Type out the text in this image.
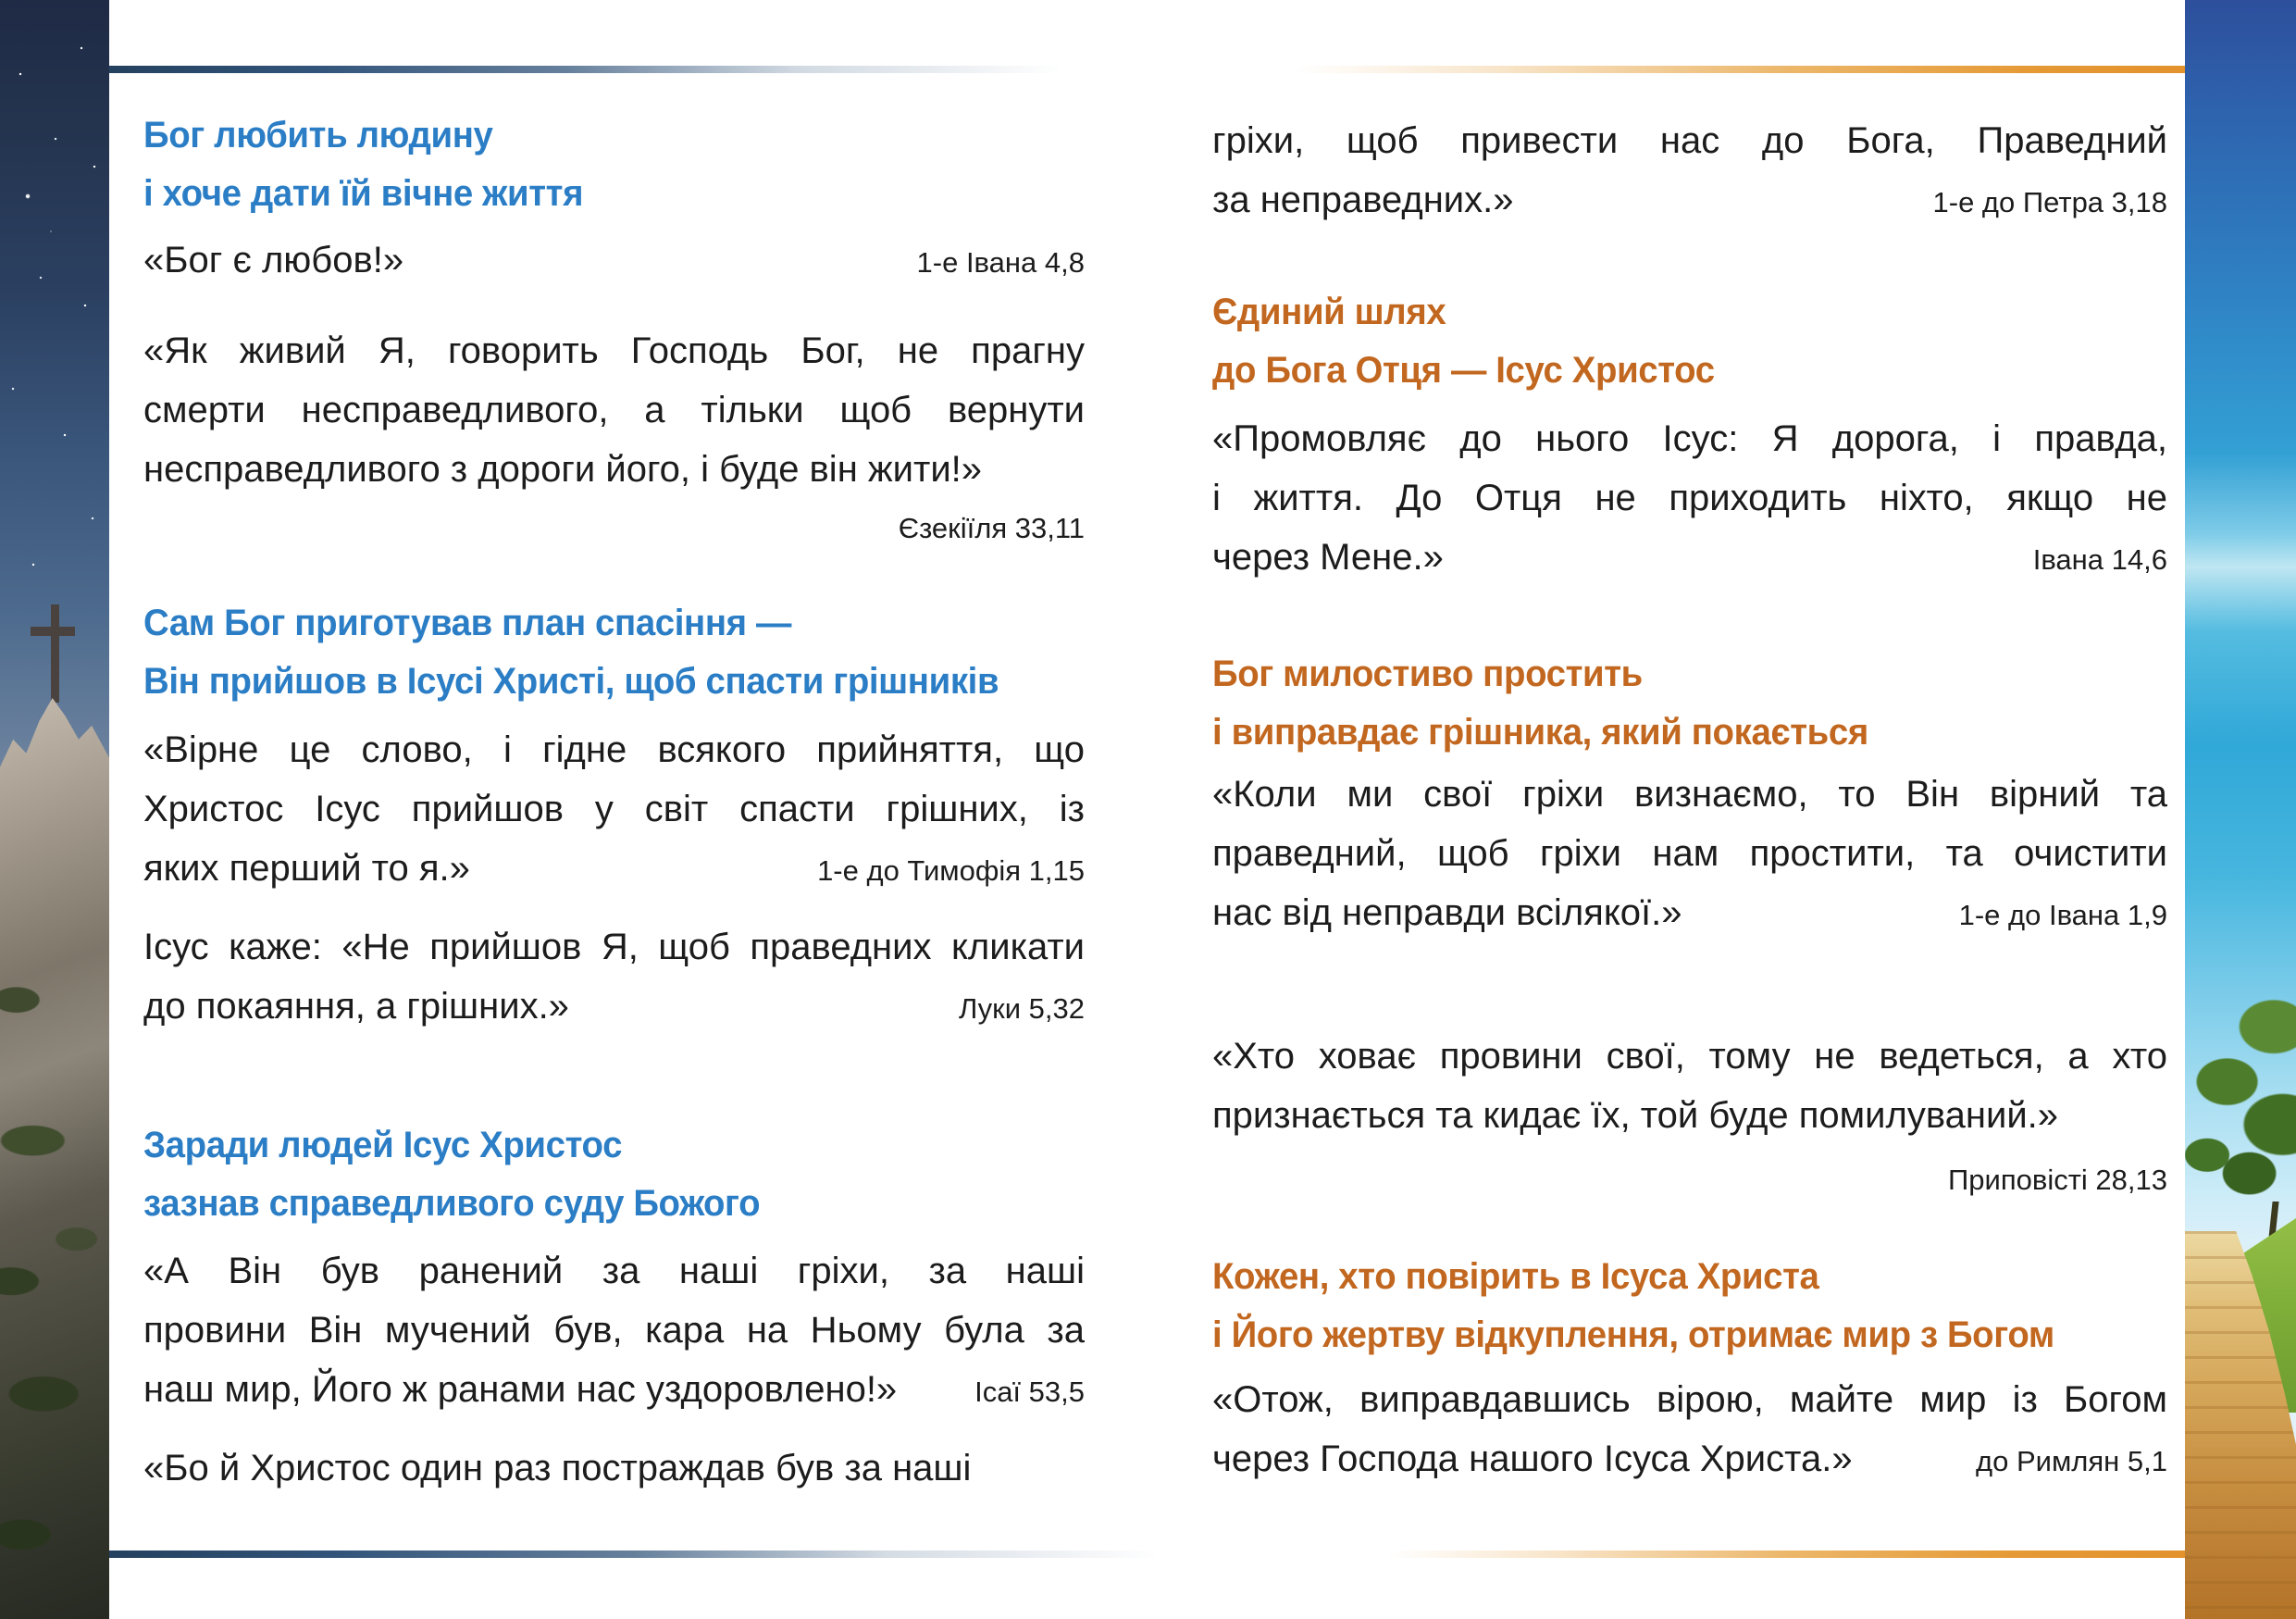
Бог любить людину
і хоче дати їй вічне життя
«Бог є любов!»	1-е Івана 4,8
«Як живий Я, говорить Господь Бог, не прагну
смерти несправедливого, а тільки щоб вернути
несправедливого з дороги його, і буде він жити!»
Єзекіїля 33,11
Сам Бог приготував план спасіння —
Він прийшов в Ісусі Христі, щоб спасти грішників
«Вірне це слово, і гідне всякого прийняття, що
Христос Ісус прийшов у світ спасти грішних, із
яких перший то я.»	1-е до Тимофія 1,15
Ісус каже: «Не прийшов Я, щоб праведних кликати
до покаяння, а грішних.»	Луки 5,32
Заради людей Ісус Христос
зазнав справедливого суду Божого
«А Він був ранений за наші гріхи, за наші
провини Він мучений був, кара на Ньому була за
наш мир, Його ж ранами нас уздоровлено!»	Ісаї 53,5
«Бо й Христос один раз постраждав був за наші
гріхи, щоб привести нас до Бога, Праведний
за неправедних.»	1-е до Петра 3,18
Єдиний шлях
до Бога Отця — Ісус Христос
«Промовляє до нього Ісус: Я дорога, і правда,
і життя. До Отця не приходить ніхто, якщо не
через Мене.»	Івана 14,6
Бог милостиво простить
і виправдає грішника, який покається
«Коли ми свої гріхи визнаємо, то Він вірний та
праведний, щоб гріхи нам простити, та очистити
нас від неправди всілякої.»	1-е до Івана 1,9
«Хто ховає провини свої, тому не ведеться, а хто
признається та кидає їх, той буде помилуваний.»
Приповісті 28,13
Кожен, хто повірить в Ісуса Христа
і Його жертву відкуплення, отримає мир з Богом
«Отож, виправдавшись вірою, майте мир із Богом
через Господа нашого Ісуса Христа.»	до Римлян 5,1
